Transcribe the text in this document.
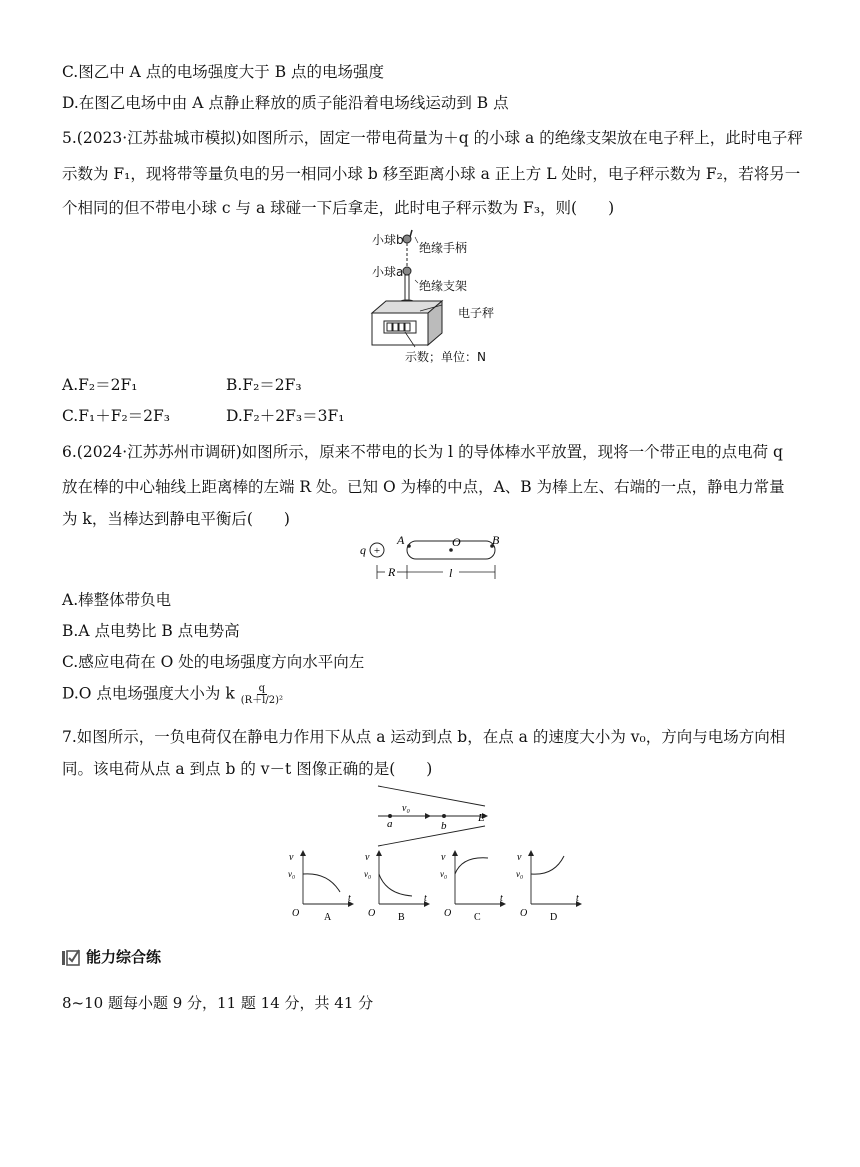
C.图乙中 A 点的电场强度大于 B 点的电场强度
D.在图乙电场中由 A 点静止释放的质子能沿着电场线运动到 B 点
5.(2023·江苏盐城市模拟)如图所示，固定一带电荷量为＋q 的小球 a 的绝缘支架放在电子秤上，此时电子秤
示数为 F₁，现将带等量负电的另一相同小球 b 移至距离小球 a 正上方 L 处时，电子秤示数为 F₂，若将另一
个相同的但不带电小球 c 与 a 球碰一下后拿走，此时电子秤示数为 F₃，则(　　)
小球b
绝缘手柄
小球a
绝缘支架
电子秤
示数；单位：N
A.F₂＝2F₁	B.F₂＝2F₃
C.F₁＋F₂＝2F₃	D.F₂＋2F₃＝3F₁
6.(2024·江苏苏州市调研)如图所示，原来不带电的长为 l 的导体棒水平放置，现将一个带正电的点电荷 q
放在棒的中心轴线上距离棒的左端 R 处。已知 O 为棒的中点，A、B 为棒上左、右端的一点，静电力常量
为 k，当棒达到静电平衡后(　　)
+
q
A	O	B
R	l
A.棒整体带负电
B.A 点电势比 B 点电势高
C.感应电荷在 O 处的电场强度方向水平向左
D.O 点电场强度大小为 k $\frac{q}{\text{(R＋l/2)²}}$
7.如图所示，一负电荷仅在静电力作用下从点 a 运动到点 b，在点 a 的速度大小为 v₀，方向与电场方向相
同。该电荷从点 a 到点 b 的 v－t 图像正确的是(　　)
v₀
a	b
E
v
v₀
O
t
A
v
v₀
O
t
B
v
v₀
O
t
C
v
v₀
O
t
D
能力综合练
8~10 题每小题 9 分，11 题 14 分，共 41 分
